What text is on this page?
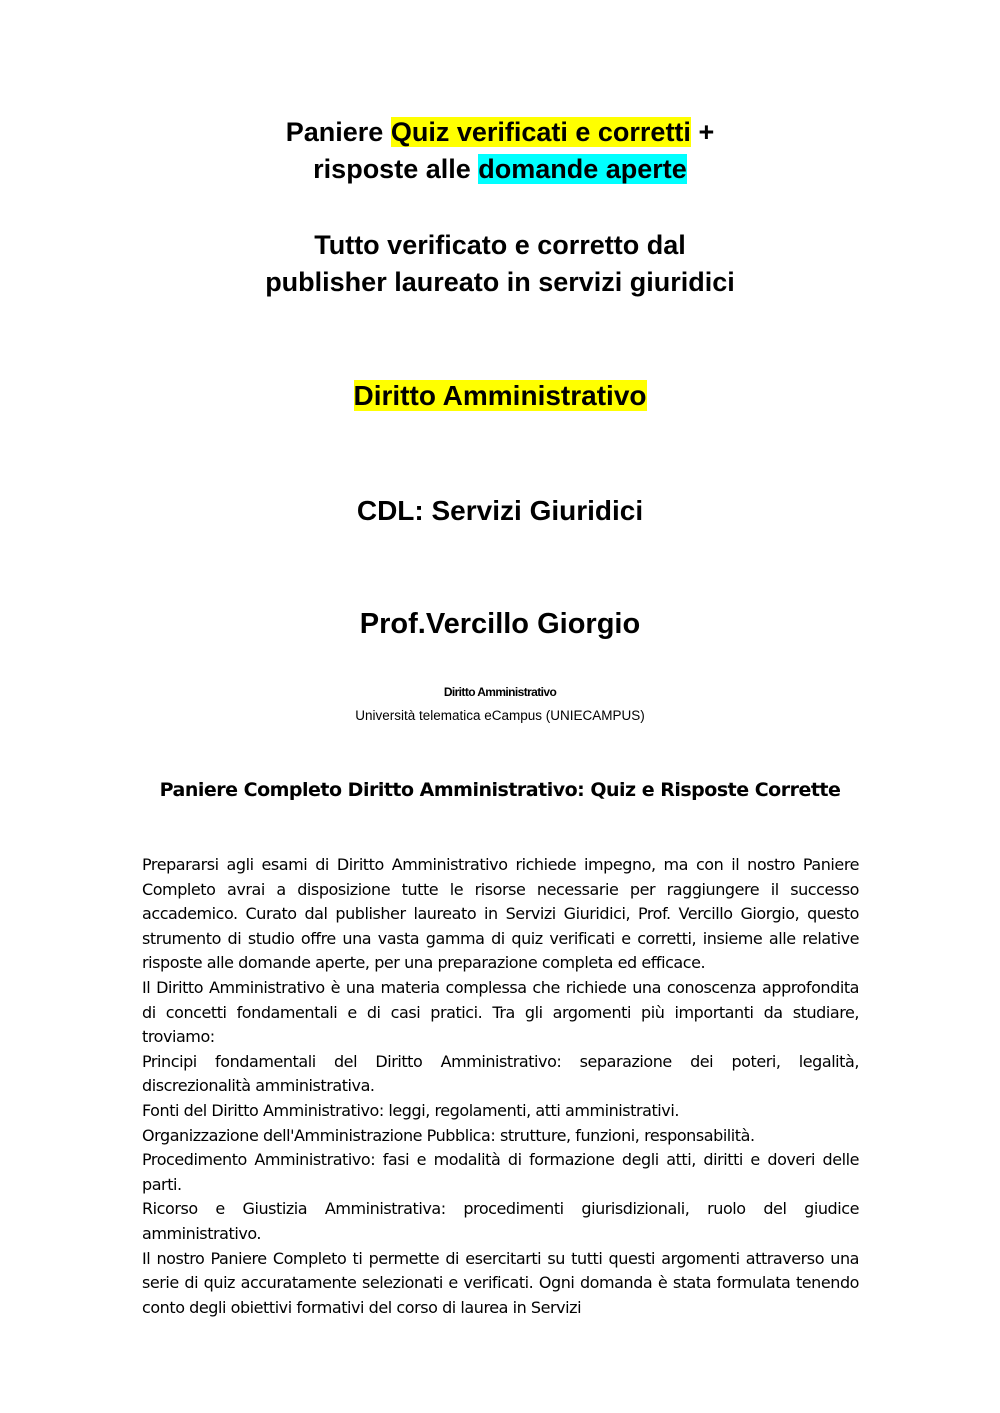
Paniere Quiz verificati e corretti +
risposte alle domande aperte
Tutto verificato e corretto dal
publisher laureato in servizi giuridici
Diritto Amministrativo
CDL: Servizi Giuridici
Prof.Vercillo Giorgio
Diritto Amministrativo
Università telematica eCampus (UNIECAMPUS)
Paniere Completo Diritto Amministrativo: Quiz e Risposte Corrette

Prepararsi agli esami di Diritto Amministrativo richiede impegno, ma con il nostro Paniere Completo avrai a disposizione tutte le risorse necessarie per raggiungere il successo accademico. Curato dal publisher laureato in Servizi Giuridici, Prof. Vercillo Giorgio, questo strumento di studio offre una vasta gamma di quiz verificati e corretti, insieme alle relative risposte alle domande aperte, per una preparazione completa ed efficace.

Il Diritto Amministrativo è una materia complessa che richiede una conoscenza approfondita di concetti fondamentali e di casi pratici. Tra gli argomenti più importanti da studiare, troviamo:

Principi fondamentali del Diritto Amministrativo: separazione dei poteri, legalità, discrezionalità amministrativa.

Fonti del Diritto Amministrativo: leggi, regolamenti, atti amministrativi.

Organizzazione dell'Amministrazione Pubblica: strutture, funzioni, responsabilità.

Procedimento Amministrativo: fasi e modalità di formazione degli atti, diritti e doveri delle parti.

Ricorso e Giustizia Amministrativa: procedimenti giurisdizionali, ruolo del giudice amministrativo.

Il nostro Paniere Completo ti permette di esercitarti su tutti questi argomenti attraverso una serie di quiz accuratamente selezionati e verificati. Ogni domanda è stata formulata tenendo conto degli obiettivi formativi del corso di laurea in Servizi
